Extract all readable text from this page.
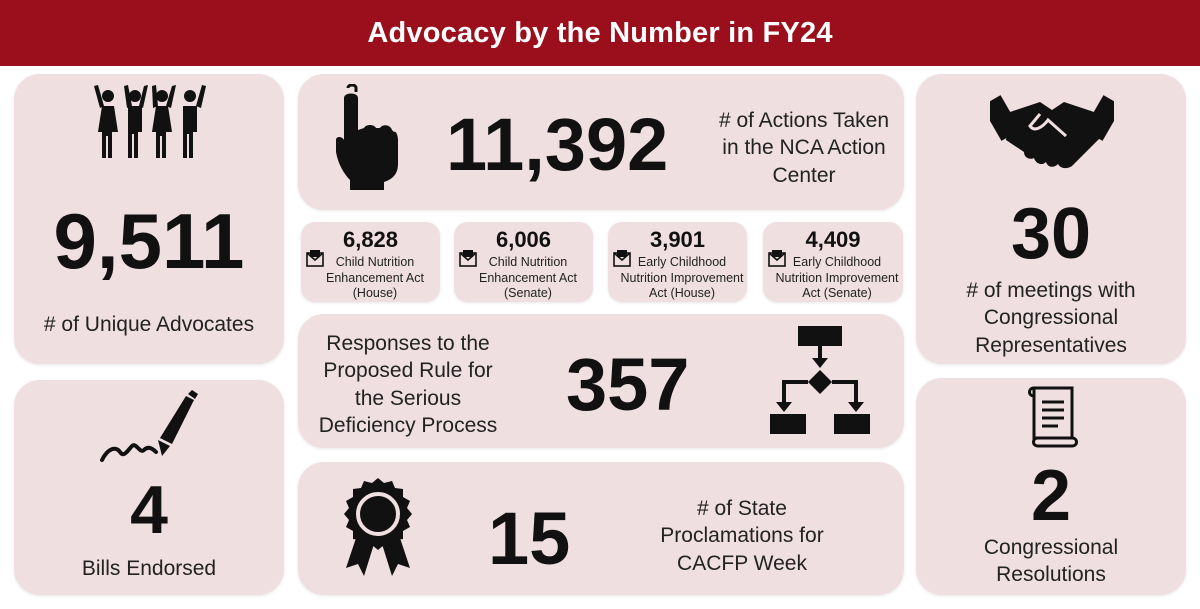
Advocacy by the Number in FY24
9,511
# of Unique Advocates
4
Bills Endorsed
11,392	# of Actions Taken in the NCA Action Center
6,828
Child Nutrition Enhancement Act (House)
6,006
Child Nutrition Enhancement Act (Senate)
3,901
Early Childhood Nutrition Improvement Act (House)
4,409
Early Childhood Nutrition Improvement Act (Senate)
Responses to the Proposed Rule for the Serious Deficiency Process 357
15	# of State Proclamations for CACFP Week
30
# of meetings with Congressional Representatives
2
Congressional Resolutions
